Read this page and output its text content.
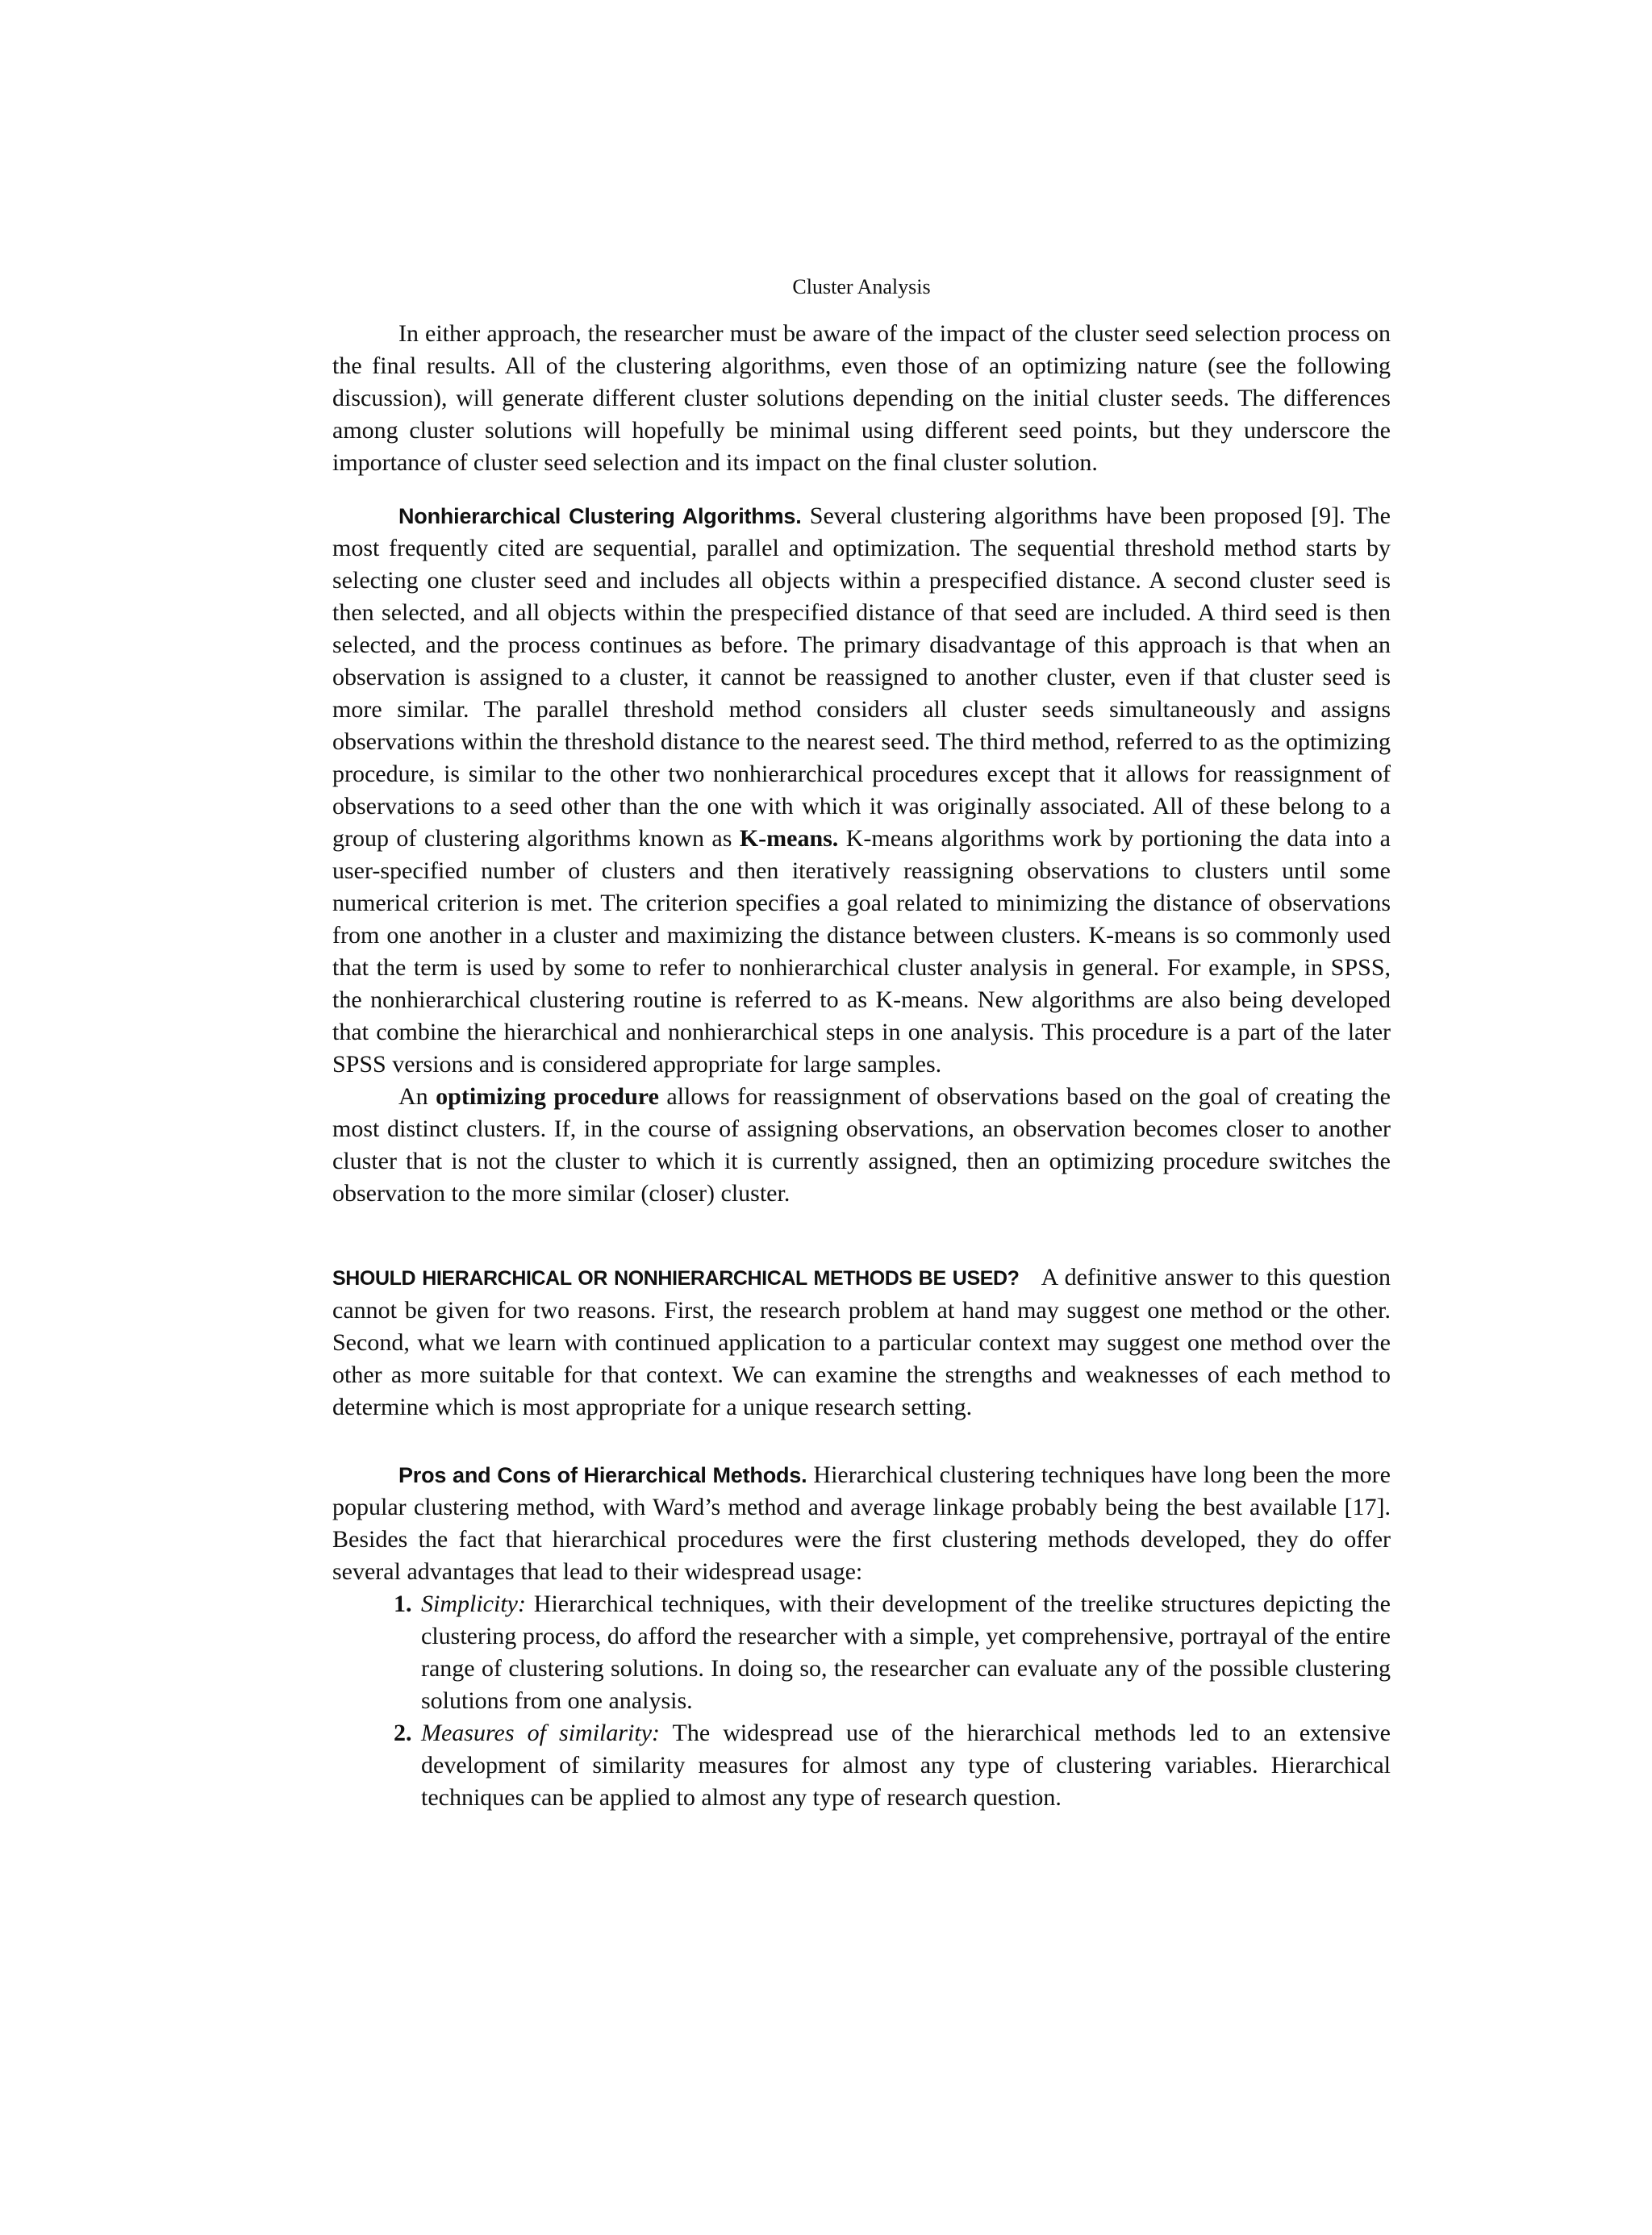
Cluster Analysis

In either approach, the researcher must be aware of the impact of the cluster seed selection process on the final results. All of the clustering algorithms, even those of an optimizing nature (see the following discussion), will generate different cluster solutions depending on the initial cluster seeds. The differences among cluster solutions will hopefully be minimal using different seed points, but they underscore the importance of cluster seed selection and its impact on the final cluster solution.

Nonhierarchical Clustering Algorithms. Several clustering algorithms have been proposed [9]. The most frequently cited are sequential, parallel and optimization. The sequential threshold method starts by selecting one cluster seed and includes all objects within a prespecified distance. A second cluster seed is then selected, and all objects within the prespecified distance of that seed are included. A third seed is then selected, and the process continues as before. The primary disadvantage of this approach is that when an observation is assigned to a cluster, it cannot be reassigned to another cluster, even if that cluster seed is more similar. The parallel threshold method considers all cluster seeds simultaneously and assigns observations within the threshold distance to the nearest seed. The third method, referred to as the optimizing procedure, is similar to the other two nonhierarchical procedures except that it allows for reassignment of observations to a seed other than the one with which it was originally associated. All of these belong to a group of clustering algorithms known as K-means. K-means algorithms work by portioning the data into a user-specified number of clusters and then iteratively reassigning observations to clusters until some numerical criterion is met. The criterion specifies a goal related to minimizing the distance of observations from one another in a cluster and maximizing the distance between clusters. K-means is so commonly used that the term is used by some to refer to nonhierarchical cluster analysis in general. For example, in SPSS, the nonhierarchical clustering routine is referred to as K-means. New algorithms are also being developed that combine the hierarchical and nonhierarchical steps in one analysis. This procedure is a part of the later SPSS versions and is considered appropriate for large samples.

An optimizing procedure allows for reassignment of observations based on the goal of creating the most distinct clusters. If, in the course of assigning observations, an observation becomes closer to another cluster that is not the cluster to which it is currently assigned, then an optimizing procedure switches the observation to the more similar (closer) cluster.

SHOULD HIERARCHICAL OR NONHIERARCHICAL METHODS BE USED? A definitive answer to this question cannot be given for two reasons. First, the research problem at hand may suggest one method or the other. Second, what we learn with continued application to a particular context may suggest one method over the other as more suitable for that context. We can examine the strengths and weaknesses of each method to determine which is most appropriate for a unique research setting.

Pros and Cons of Hierarchical Methods. Hierarchical clustering techniques have long been the more popular clustering method, with Ward’s method and average linkage probably being the best available [17]. Besides the fact that hierarchical procedures were the first clustering methods developed, they do offer several advantages that lead to their widespread usage:

1. Simplicity: Hierarchical techniques, with their development of the treelike structures depicting the clustering process, do afford the researcher with a simple, yet comprehensive, portrayal of the entire range of clustering solutions. In doing so, the researcher can evaluate any of the possible clustering solutions from one analysis.
2. Measures of similarity: The widespread use of the hierarchical methods led to an extensive development of similarity measures for almost any type of clustering variables. Hierarchical techniques can be applied to almost any type of research question.
